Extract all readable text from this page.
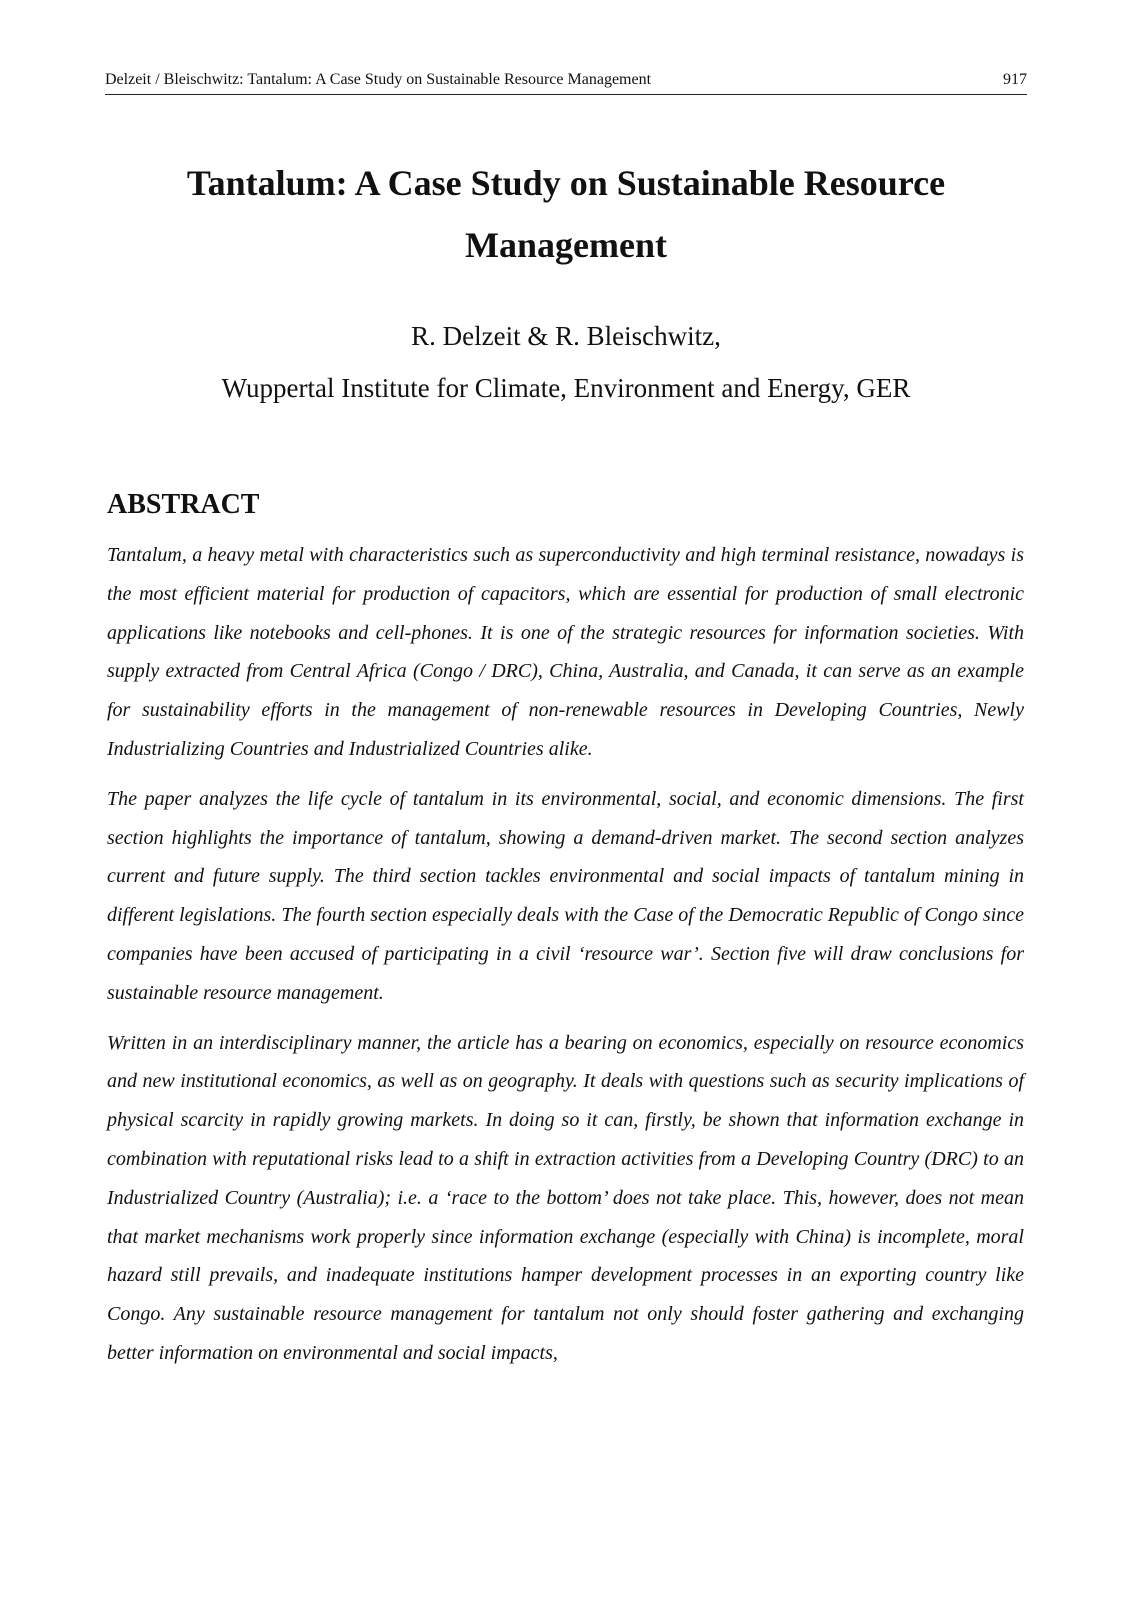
Delzeit / Bleischwitz: Tantalum: A Case Study on Sustainable Resource Management	917
Tantalum: A Case Study on Sustainable Resource
Management
R. Delzeit & R. Bleischwitz,
Wuppertal Institute for Climate, Environment and Energy, GER
ABSTRACT

Tantalum, a heavy metal with characteristics such as superconductivity and high terminal resistance, nowadays is the most efficient material for production of capacitors, which are essential for production of small electronic applications like notebooks and cell-phones. It is one of the strategic resources for information societies. With supply extracted from Central Africa (Congo / DRC), China, Australia, and Canada, it can serve as an example for sustainability efforts in the management of non-renewable resources in Developing Countries, Newly Industrializing Countries and Industrialized Countries alike.

The paper analyzes the life cycle of tantalum in its environmental, social, and economic dimensions. The first section highlights the importance of tantalum, showing a demand-driven market. The second section analyzes current and future supply. The third section tackles environmental and social impacts of tantalum mining in different legislations. The fourth section especially deals with the Case of the Democratic Republic of Congo since companies have been accused of participating in a civil ‘resource war’. Section five will draw conclusions for sustainable resource management.

Written in an interdisciplinary manner, the article has a bearing on economics, especially on resource economics and new institutional economics, as well as on geography. It deals with questions such as security implications of physical scarcity in rapidly growing markets. In doing so it can, firstly, be shown that information exchange in combination with reputational risks lead to a shift in extraction activities from a Developing Country (DRC) to an Industrialized Country (Australia); i.e. a ‘race to the bottom’ does not take place. This, however, does not mean that market mechanisms work properly since information exchange (especially with China) is incomplete, moral hazard still prevails, and inadequate institutions hamper development processes in an exporting country like Congo. Any sustainable resource management for tantalum not only should foster gathering and exchanging better information on environmental and social impacts,
